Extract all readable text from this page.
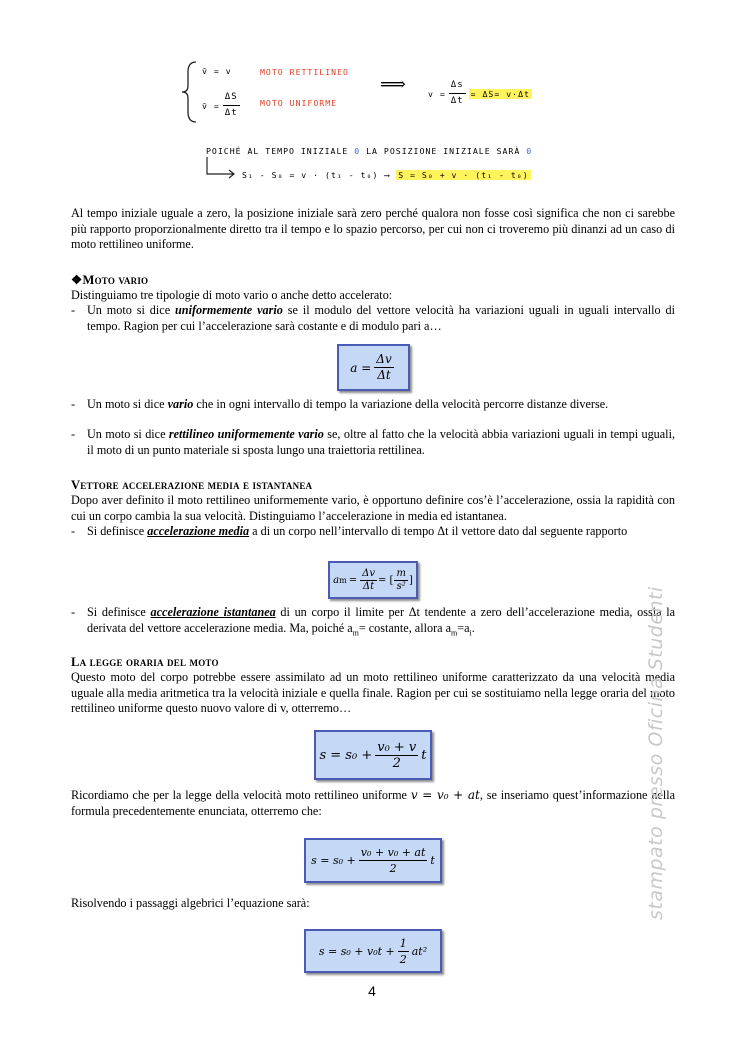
v̄ = v	MOTO RETTILINEO
v̄ = $\frac{\Delta S}{\Delta t}$ MOTO UNIFORME
⟹	$v = \frac{\Delta s}{\Delta t} = \Delta S= v\cdot\Delta t$
POICHÉ AL TEMPO INIZIALE 0 LA POSIZIONE INIZIALE SARÀ 0
S₁ - S₀ = v · (t₁ - t₀) ⟶ S = S₀ + v · (t₁ - t₀)
Al tempo iniziale uguale a zero, la posizione iniziale sarà zero perché qualora non fosse così significa che non ci sarebbe più rapporto proporzionalmente diretto tra il tempo e lo spazio percorso, per cui non ci troveremo più dinanzi ad un caso di moto rettilineo uniforme.
❖Moto vario
Distinguiamo tre tipologie di moto vario o anche detto accelerato:
- Un moto si dice uniformemente vario se il modulo del vettore velocità ha variazioni uguali in uguali intervallo di tempo. Ragion per cui l’accelerazione sarà costante e di modulo pari a…
$a = \frac{\Delta v}{\Delta t}$
- Un moto si dice vario che in ogni intervallo di tempo la variazione della velocità percorre distanze diverse.
- Un moto si dice rettilineo uniformemente vario se, oltre al fatto che la velocità abbia variazioni uguali in tempi uguali, il moto di un punto materiale si sposta lungo una traiettoria rettilinea.
Vettore accelerazione media e istantanea
Dopo aver definito il moto rettilineo uniformemente vario, è opportuno definire cos’è l’accelerazione, ossia la rapidità con cui un corpo cambia la sua velocità. Distinguiamo l’accelerazione in media ed istantanea.
- Si definisce accelerazione media a di un corpo nell’intervallo di tempo Δt il vettore dato dal seguente rapporto
a $m = \frac{\Delta v}{\Delta t}$ = [ $\frac{m}{\text{s²}}$ ]
- Si definisce accelerazione istantanea di un corpo il limite per Δt tendente a zero dell’accelerazione media, ossia la derivata del vettore accelerazione media. Ma, poiché $a_m=$ costante, allora $a_m=a_i$.
La legge oraria del moto
Questo moto del corpo potrebbe essere assimilato ad un moto rettilineo uniforme caratterizzato da una velocità media uguale alla media aritmetica tra la velocità iniziale e quella finale. Ragion per cui se sostituiamo nella legge oraria del moto rettilineo uniforme questo nuovo valore di v, otterremo…
$s = s_0 + \frac{\text{v₀ + v}}{2}$ t
Ricordiamo che per la legge della velocità moto rettilineo uniforme v = v₀ + at, se inseriamo quest’informazione nella formula precedentemente enunciata, otterremo che:
$s = s_0 + \frac{\text{v₀ + v₀ + at}}{2}$ t
Risolvendo i passaggi algebrici l’equazione sarà:
$s = s_0 + v_0t + \frac{1}{2} at^2$
stampato presso Oficina Studenti
4
